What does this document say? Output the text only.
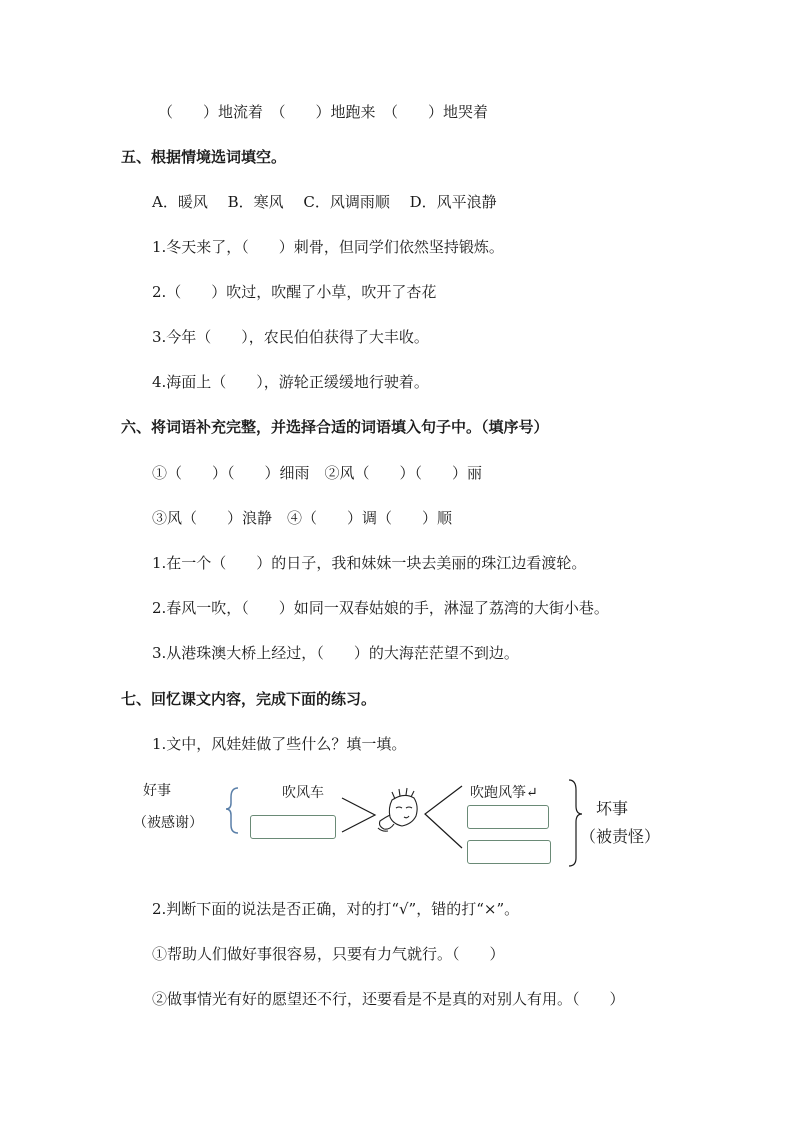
（　　）地流着　（　　）地跑来　（　　）地哭着
五、根据情境选词填空。
A．暖风　 B．寒风　 C．风调雨顺　 D．风平浪静
1.冬天来了，（　　）刺骨，但同学们依然坚持锻炼。
2.（　　）吹过，吹醒了小草，吹开了杏花
3.今年（　　），农民伯伯获得了大丰收。
4.海面上（　　），游轮正缓缓地行驶着。
六、将词语补充完整，并选择合适的词语填入句子中。（填序号）
①（　　）（　　）细雨　②风（　　）（　　）丽
③风（　　）浪静　④（　　）调（　　）顺
1.在一个（　　）的日子，我和妹妹一块去美丽的珠江边看渡轮。
2.春风一吹，（　　）如同一双春姑娘的手，淋湿了荔湾的大街小巷。
3.从港珠澳大桥上经过，（　　）的大海茫茫望不到边。
七、回忆课文内容，完成下面的练习。
1.文中，风娃娃做了些什么？填一填。
好事
（被感谢）
吹风车	吹跑风筝↵
坏事
（被责怪）
2.判断下面的说法是否正确，对的打“√”，错的打“×”。
①帮助人们做好事很容易，只要有力气就行。（　　）
②做事情光有好的愿望还不行，还要看是不是真的对别人有用。（　　）
